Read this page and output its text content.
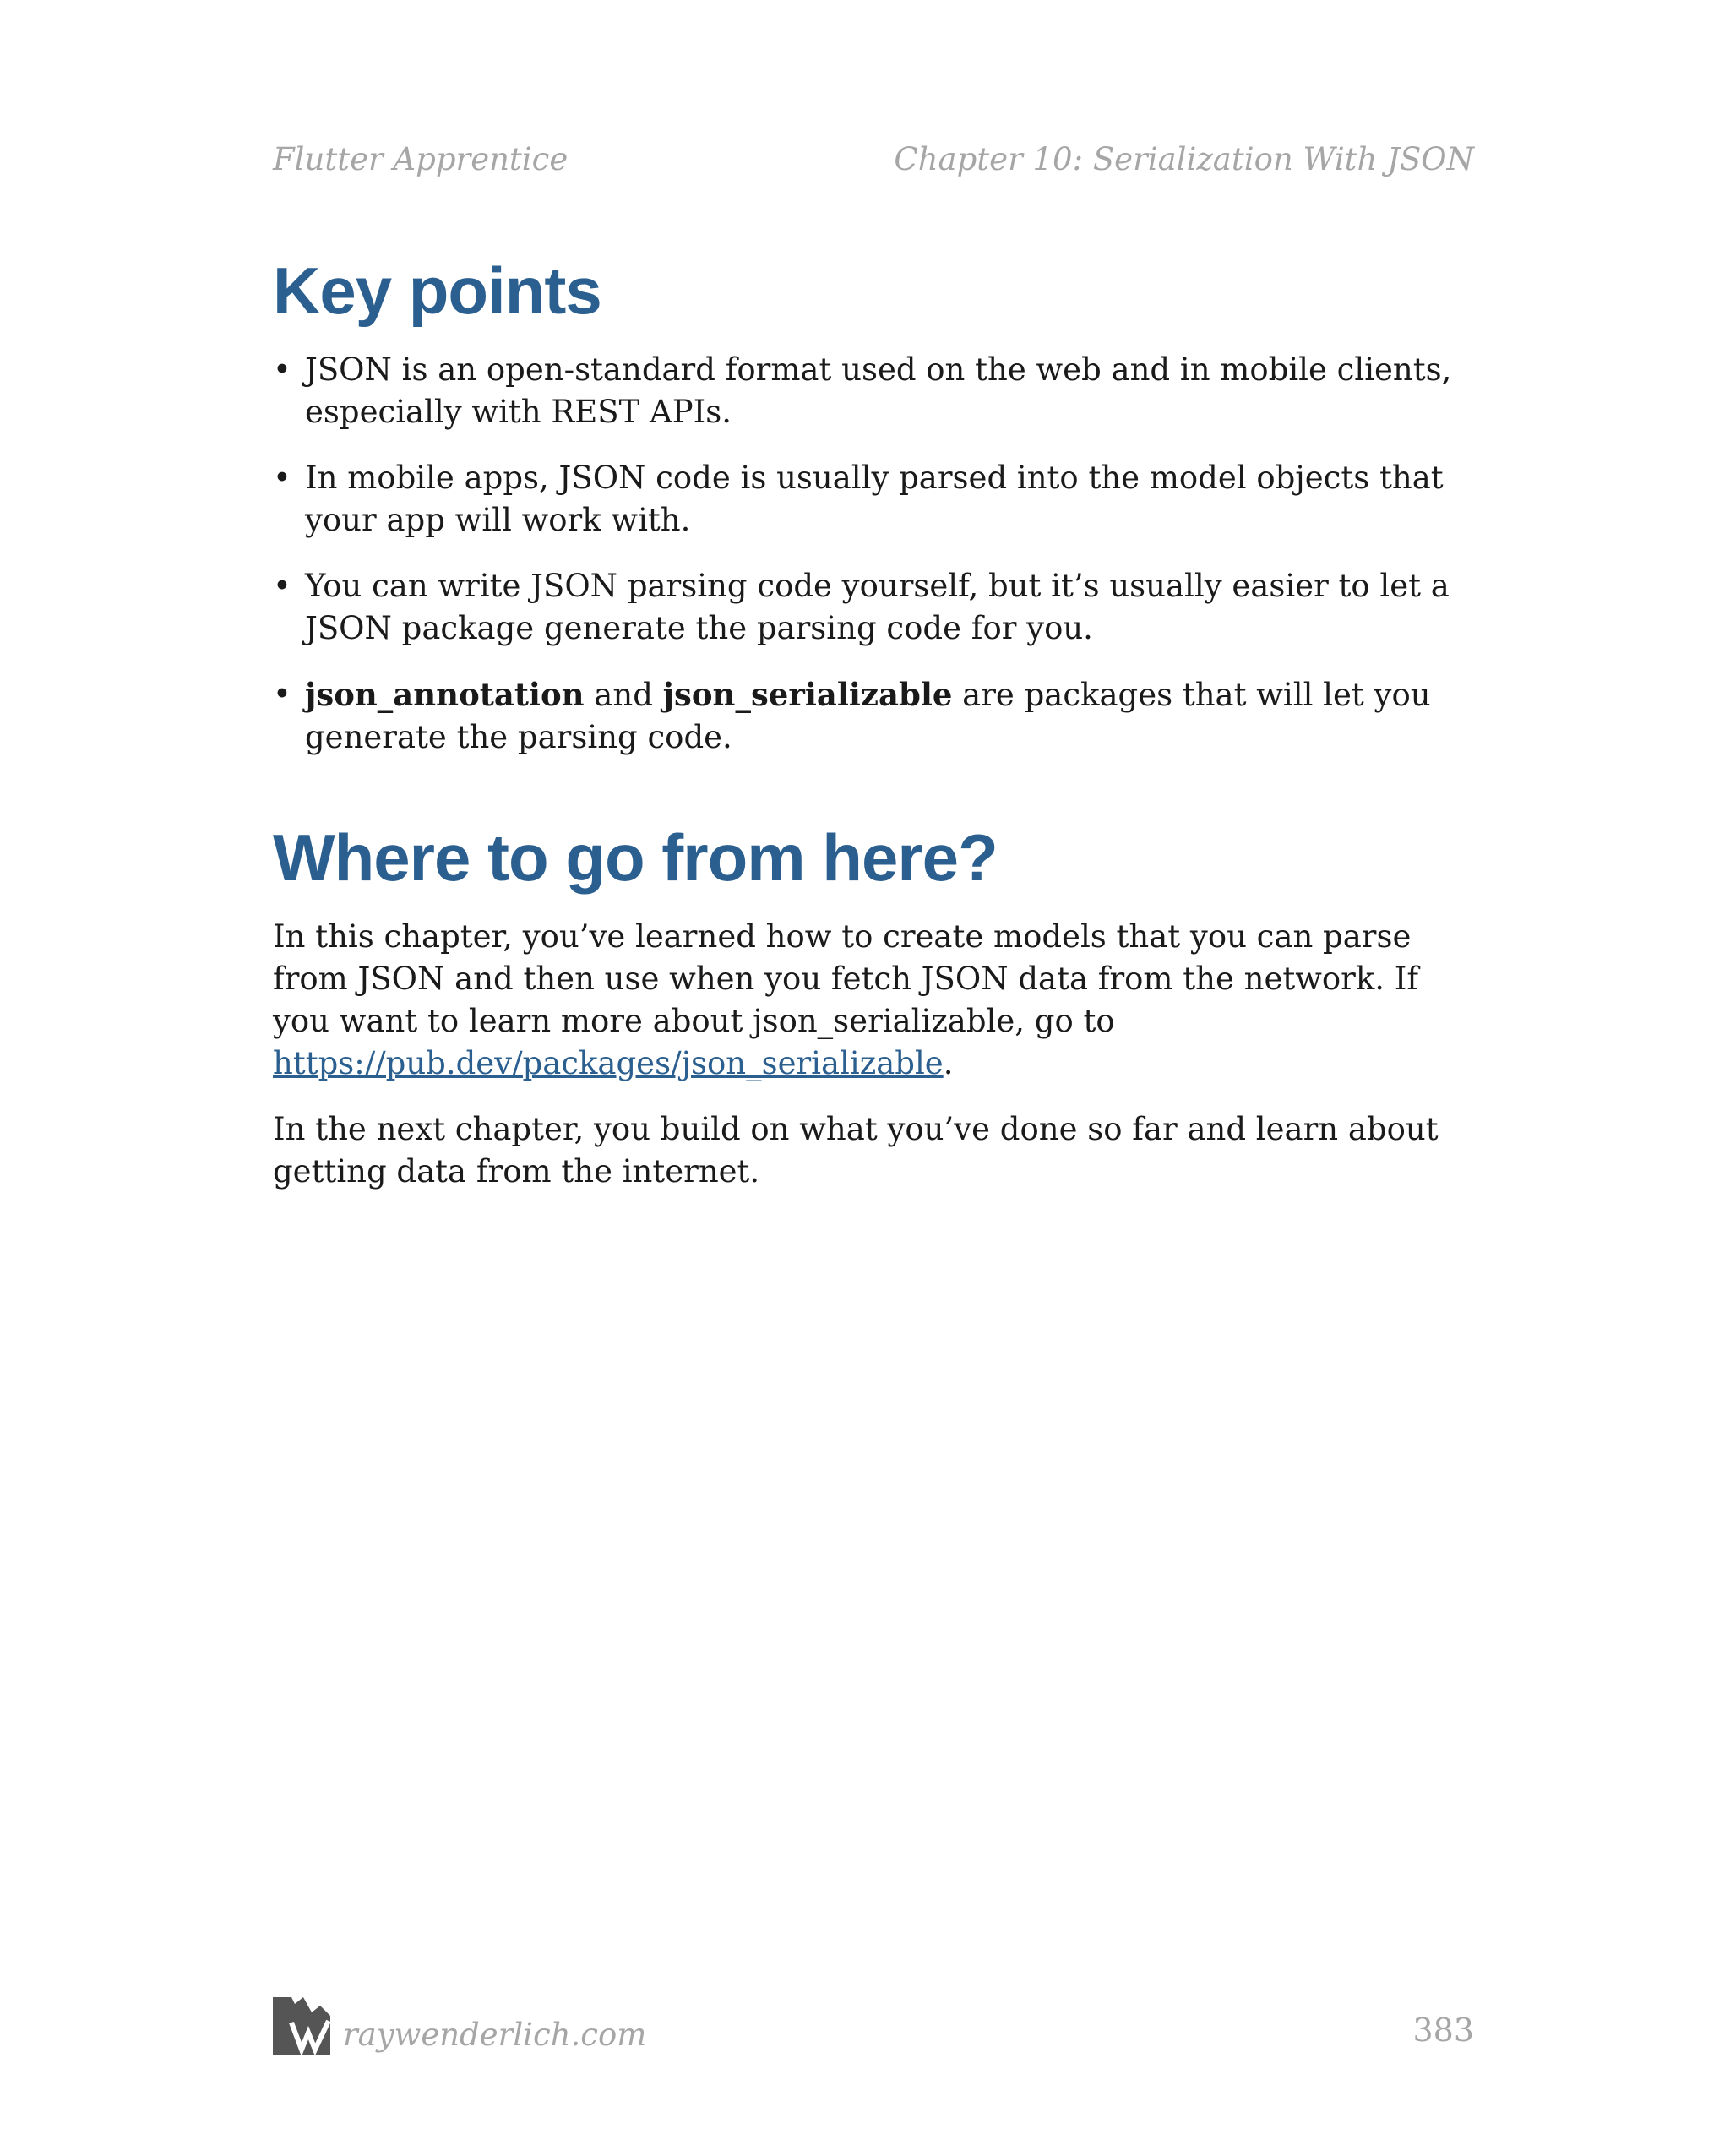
Flutter Apprentice	Chapter 10: Serialization With JSON
Key points
• JSON is an open-standard format used on the web and in mobile clients, especially with REST APIs.
• In mobile apps, JSON code is usually parsed into the model objects that your app will work with.
• You can write JSON parsing code yourself, but it’s usually easier to let a JSON package generate the parsing code for you.
• json_annotation and json_serializable are packages that will let you generate the parsing code.
Where to go from here?

In this chapter, you’ve learned how to create models that you can parse from JSON and then use when you fetch JSON data from the network. If you want to learn more about json_serializable, go to https://pub.dev/packages/json_serializable.

In the next chapter, you build on what you’ve done so far and learn about getting data from the internet.

raywenderlich.com	383
